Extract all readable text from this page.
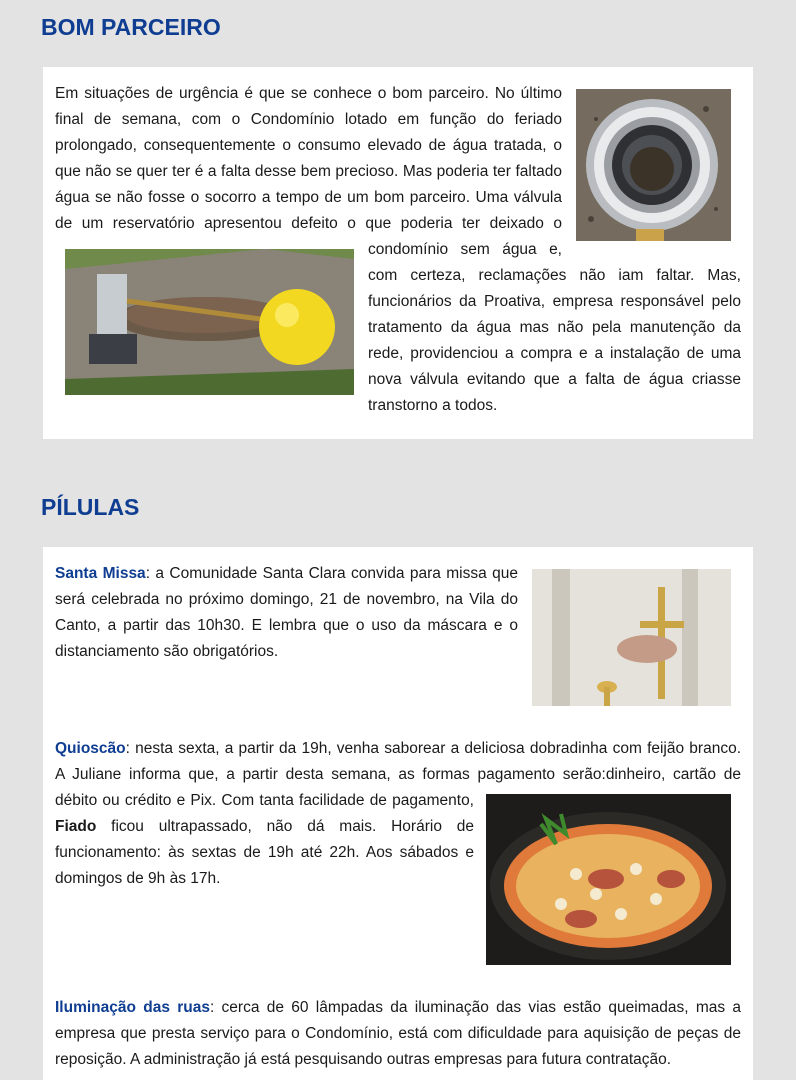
BOM PARCEIRO

Em situações de urgência é que se conhece o bom parceiro. No último final de semana, com o Condomínio lotado em função do feriado prolongado, consequentemente o consumo elevado de água tratada, o que não se quer ter é a falta desse bem precioso. Mas poderia ter faltado água se não fosse o socorro a tempo de um bom parceiro. Uma válvula de um reservatório apresentou defeito o que poderia ter deixado o condomínio sem água e, com certeza, reclamações não iam faltar. Mas, funcionários da Proativa, empresa responsável pelo tratamento da água mas não pela manutenção da rede, providenciou a compra e a instalação de uma nova válvula evitando que a falta de água criasse transtorno a todos.

PÍLULAS

Santa Missa: a Comunidade Santa Clara convida para missa que será celebrada no próximo domingo, 21 de novembro, na Vila do Canto, a partir das 10h30. E lembra que o uso da máscara e o distanciamento são obrigatórios.

Quioscão: nesta sexta, a partir da 19h, venha saborear a deliciosa dobradinha com feijão branco. A Juliane informa que, a partir desta semana, as formas pagamento serão:dinheiro, cartão de débito ou crédito e Pix. Com tanta facilidade de pagamento,
Fiado ficou ultrapassado, não dá mais. Horário de funcionamento: às sextas de 19h até 22h. Aos sábados e domingos de 9h às 17h.

Iluminação das ruas: cerca de 60 lâmpadas da iluminação das vias estão queimadas, mas a empresa que presta serviço para o Condomínio, está com dificuldade para aquisição de peças de reposição. A administração já está pesquisando outras empresas para futura contratação.
